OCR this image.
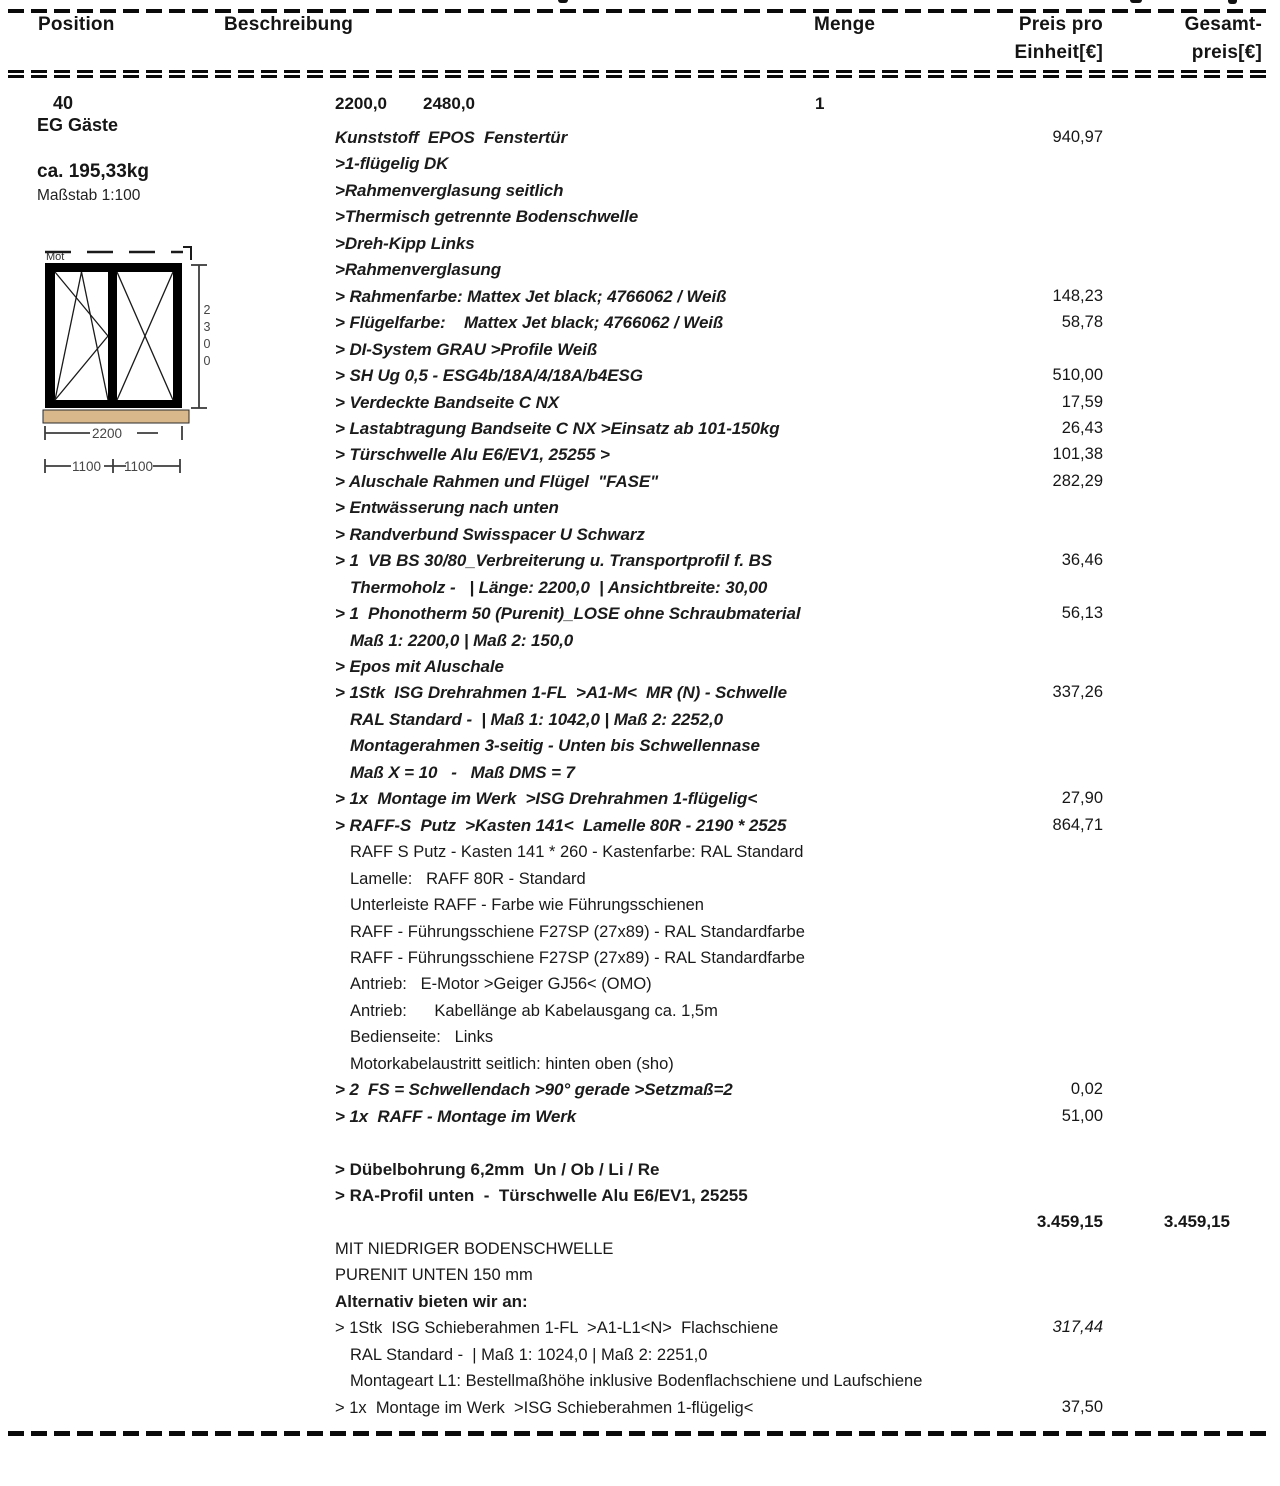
Position	Beschreibung	Menge	Preis pro
Einheit[€]
Gesamt-
preis[€]
40	2200,0 2480,0	1
EG Gäste
ca. 195,33kg
Maßstab 1:100
Mot
2300
2200
1100 1100
Kunststoff  EPOS  Fenstertür	940,97
>1-flügelig DK
>Rahmenverglasung seitlich
>Thermisch getrennte Bodenschwelle
>Dreh-Kipp Links
>Rahmenverglasung
> Rahmenfarbe: Mattex Jet black; 4766062 / Weiß	148,23
> Flügelfarbe:    Mattex Jet black; 4766062 / Weiß	58,78
> DI-System GRAU >Profile Weiß
> SH Ug 0,5 - ESG4b/18A/4/18A/b4ESG	510,00
> Verdeckte Bandseite C NX	17,59
> Lastabtragung Bandseite C NX >Einsatz ab 101-150kg	26,43
> Türschwelle Alu E6/EV1, 25255 >	101,38
> Aluschale Rahmen und Flügel  "FASE"	282,29
> Entwässerung nach unten
> Randverbund Swisspacer U Schwarz
> 1  VB BS 30/80_Verbreiterung u. Transportprofil f. BS	36,46
Thermoholz -   | Länge: 2200,0  | Ansichtbreite: 30,00
> 1  Phonotherm 50 (Purenit)_LOSE ohne Schraubmaterial	56,13
Maß 1: 2200,0 | Maß 2: 150,0
> Epos mit Aluschale
> 1Stk  ISG Drehrahmen 1-FL  >A1-M<  MR (N) - Schwelle	337,26
RAL Standard -  | Maß 1: 1042,0 | Maß 2: 2252,0
Montagerahmen 3-seitig - Unten bis Schwellennase
Maß X = 10   -   Maß DMS = 7
> 1x  Montage im Werk  >ISG Drehrahmen 1-flügelig<	27,90
> RAFF-S  Putz  >Kasten 141<  Lamelle 80R - 2190 * 2525	864,71
RAFF S Putz - Kasten 141 * 260 - Kastenfarbe: RAL Standard
Lamelle:   RAFF 80R - Standard
Unterleiste RAFF - Farbe wie Führungsschienen
RAFF - Führungsschiene F27SP (27x89) - RAL Standardfarbe
RAFF - Führungsschiene F27SP (27x89) - RAL Standardfarbe
Antrieb:   E-Motor >Geiger GJ56< (OMO)
Antrieb:      Kabellänge ab Kabelausgang ca. 1,5m
Bedienseite:   Links
Motorkabelaustritt seitlich: hinten oben (sho)
> 2  FS = Schwellendach >90° gerade >Setzmaß=2	0,02
> 1x  RAFF - Montage im Werk	51,00
> Dübelbohrung 6,2mm  Un / Ob / Li / Re
> RA-Profil unten  -  Türschwelle Alu E6/EV1, 25255
3.459,15	3.459,15
MIT NIEDRIGER BODENSCHWELLE
PURENIT UNTEN 150 mm
Alternativ bieten wir an:
> 1Stk  ISG Schieberahmen 1-FL  >A1-L1<N>  Flachschiene	317,44
RAL Standard -  | Maß 1: 1024,0 | Maß 2: 2251,0
Montageart L1: Bestellmaßhöhe inklusive Bodenflachschiene und Laufschiene
> 1x  Montage im Werk  >ISG Schieberahmen 1-flügelig<	37,50
